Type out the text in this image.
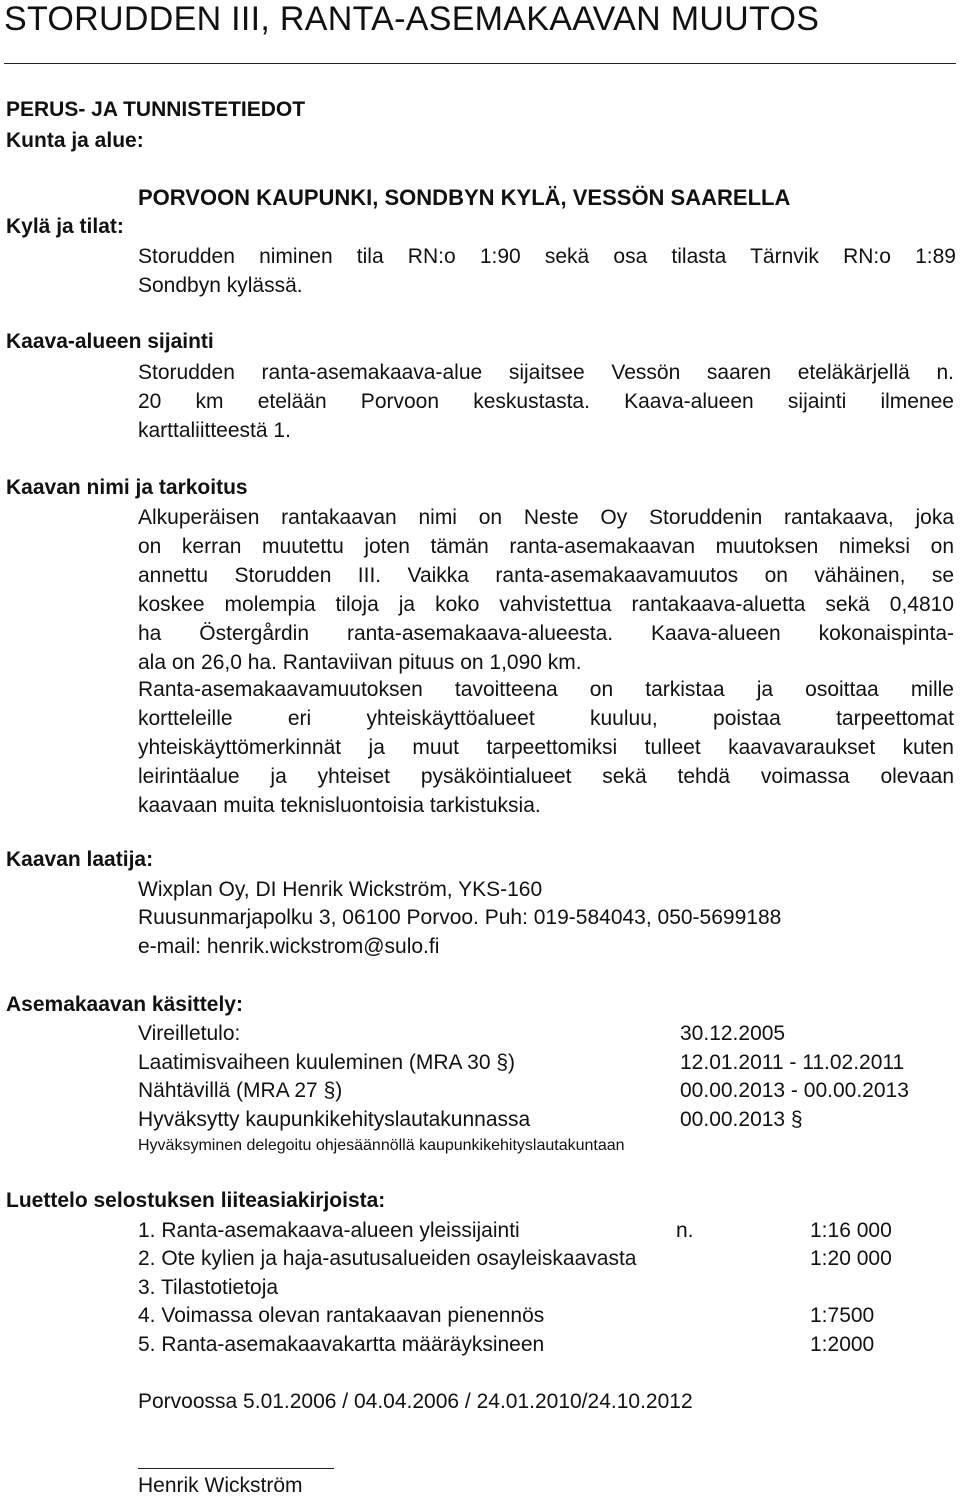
STORUDDEN III, RANTA-ASEMAKAAVAN MUUTOS
PERUS- JA TUNNISTETIEDOT
Kunta ja alue:
PORVOON KAUPUNKI, SONDBYN KYLÄ, VESSÖN SAARELLA
Kylä ja tilat:
Storudden niminen tila RN:o 1:90 sekä osa tilasta Tärnvik RN:o 1:89
Sondbyn kylässä.
Kaava-alueen sijainti
Storudden ranta-asemakaava-alue sijaitsee Vessön saaren eteläkärjellä n.
20 km etelään Porvoon keskustasta. Kaava-alueen sijainti ilmenee
karttaliitteestä 1.
Kaavan nimi ja tarkoitus
Alkuperäisen rantakaavan nimi on Neste Oy Storuddenin rantakaava, joka
on kerran muutettu joten tämän ranta-asemakaavan muutoksen nimeksi on
annettu Storudden III. Vaikka ranta-asemakaavamuutos on vähäinen, se
koskee molempia tiloja ja koko vahvistettua rantakaava-aluetta sekä 0,4810
ha Östergårdin ranta-asemakaava-alueesta. Kaava-alueen kokonaispinta-
ala on 26,0 ha. Rantaviivan pituus on 1,090 km.
Ranta-asemakaavamuutoksen tavoitteena on tarkistaa ja osoittaa mille
kortteleille eri yhteiskäyttöalueet kuuluu, poistaa tarpeettomat
yhteiskäyttömerkinnät ja muut tarpeettomiksi tulleet kaavavaraukset kuten
leirintäalue ja yhteiset pysäköintialueet sekä tehdä voimassa olevaan
kaavaan muita teknisluontoisia tarkistuksia.
Kaavan laatija:
Wixplan Oy, DI Henrik Wickström, YKS-160
Ruusunmarjapolku 3, 06100 Porvoo. Puh: 019-584043, 050-5699188
e-mail: henrik.wickstrom@sulo.fi
Asemakaavan käsittely:
Vireilletulo:	30.12.2005
Laatimisvaiheen kuuleminen (MRA 30 §)	12.01.2011 - 11.02.2011
Nähtävillä (MRA 27 §)	00.00.2013 - 00.00.2013
Hyväksytty kaupunkikehityslautakunnassa	00.00.2013 §
Hyväksyminen delegoitu ohjesäännöllä kaupunkikehityslautakuntaan
Luettelo selostuksen liiteasiakirjoista:
1. Ranta-asemakaava-alueen yleissijainti	n.	1:16 000
2. Ote kylien ja haja-asutusalueiden osayleiskaavasta	1:20 000
3. Tilastotietoja
4. Voimassa olevan rantakaavan pienennös	1:7500
5. Ranta-asemakaavakartta määräyksineen	1:2000
Porvoossa 5.01.2006 / 04.04.2006 / 24.01.2010/24.10.2012
Henrik Wickström
